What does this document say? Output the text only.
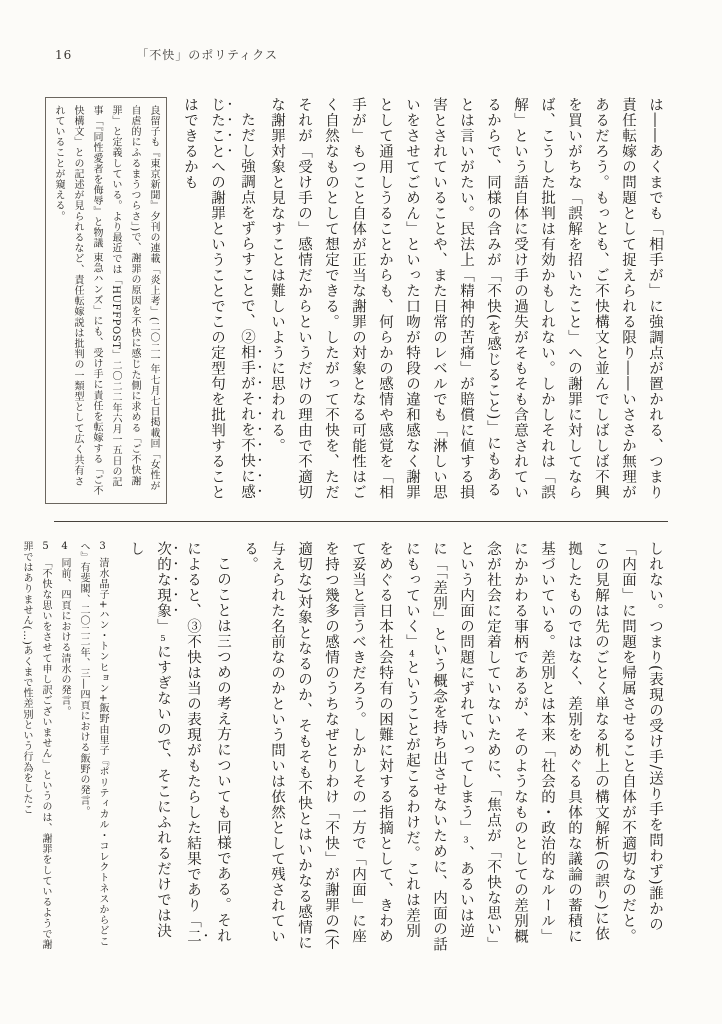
16	「不快」のポリティクス

は――あくまでも「相手が」に強調点が置かれる、つまり責任転嫁の問題として捉えられる限り――いささか無理があるだろう。もっとも、ご不快構文と並んでしばしば不興を買いがちな「誤解を招いたこと」への謝罪に対してならば、こうした批判は有効かもしれない。しかしそれは「誤解」という語自体に受け手の過失がそもそも含意されているからで、同様の含みが「不快(を感じること)」にもあるとは言いがたい。民法上「精神的苦痛」が賠償に値する損害とされていることや、また日常のレベルでも「淋しい思いをさせてごめん」といった口吻が特段の違和感なく謝罪として通用しうることからも、何らかの感情や感覚を「相手が」もつこと自体が正当な謝罪の対象となる可能性はごく自然なものとして想定できる。したがって不快を、ただそれが「受け手の」感情だからというだけの理由で不適切な謝罪対象と見なすことは難しいように思われる。

ただし強調点をずらすことで、②相手がそれを不快に感じたことへの謝罪ということでこの定型句を批判することはできるかも

良留子も『東京新聞』夕刊の連載「炎上考」(二〇二一年七月七日掲載回「女性が自虐的にふるまうつらさ」)で、謝罪の原因を不快に感じた側に求める「ご不快謝罪」と定義している。より最近では「HUFFPOST」二〇二二年六月一五日の記事「『同性愛者を侮辱』と物議 東急ハンズ」にも、受け手に責任を転嫁する「ご不快構文」との記述が見られるなど、責任転嫁説は批判の一類型として広く共有されていることが窺える。

しれない。つまり(表現の受け手/送り手を問わず)誰かの「内面」に問題を帰属させること自体が不適切なのだと。この見解は先のごとく単なる机上の構文解析(の誤り)に依拠したものではなく、差別をめぐる具体的な議論の蓄積に基づいている。差別とは本来「社会的・政治的なルール」にかかわる事柄であるが、そのようなものとしての差別概念が社会に定着していないために、「焦点が「不快な思い」という内面の問題にずれていってしまう」3、あるいは逆に「「差別」という概念を持ち出させないために、内面の話にもっていく」4ということが起こるわけだ。これは差別をめぐる日本社会特有の困難に対する指摘として、きわめて妥当と言うべきだろう。しかしその一方で「内面」に座を持つ幾多の感情のうちなぜとりわけ「不快」が謝罪の(不適切な)対象となるのか、そもそも不快とはいかなる感情に与えられた名前なのかという問いは依然として残されている。

このことは三つめの考え方についても同様である。それによると、③不快は当の表現がもたらした結果であり「二次的な現象」5にすぎないので、そこにふれるだけでは決し

3清水晶子+ハン・トンヒョン+飯野由里子『ポリティカル・コレクトネスからどこへ』有斐閣、二〇二二年、三―四頁における飯野の発言。

4同前、四頁における清水の発言。

5「不快な思いをさせて申し訳ございません」というのは、謝罪をしているようで謝罪ではありません(…)あくまで性差別という行為をしたこ
